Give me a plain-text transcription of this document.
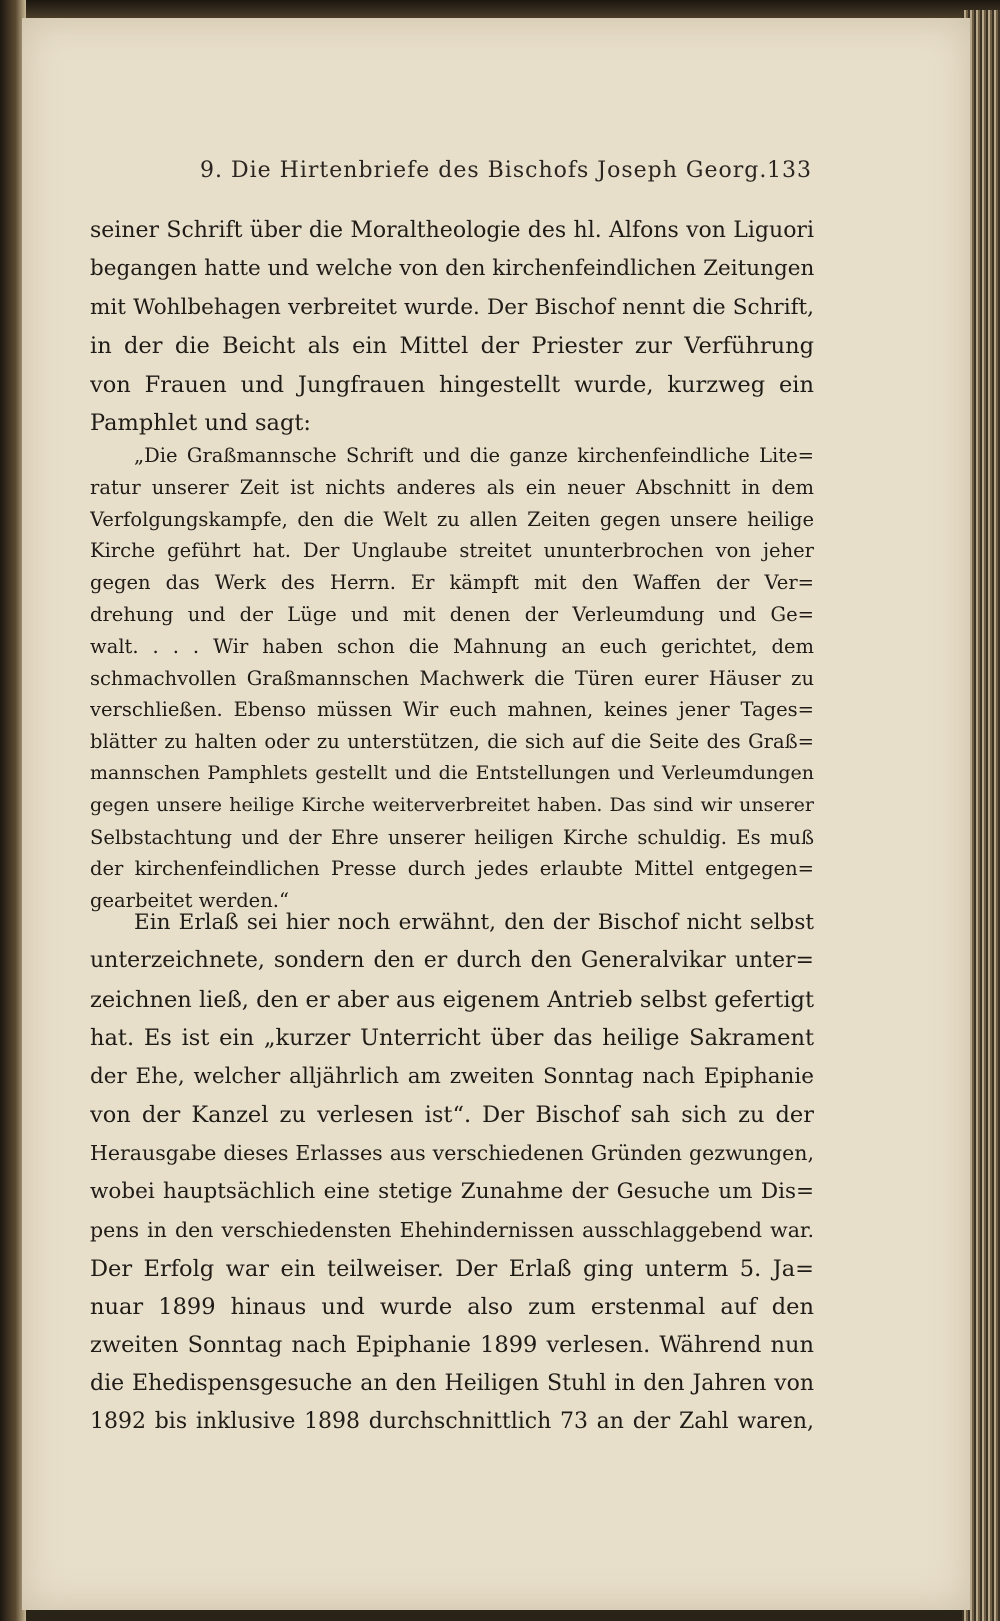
9. Die Hirtenbriefe des Bischofs Joseph Georg. 133
seiner Schrift über die Moraltheologie des hl. Alfons von Liguori
begangen hatte und welche von den kirchenfeindlichen Zeitungen
mit Wohlbehagen verbreitet wurde. Der Bischof nennt die Schrift,
in der die Beicht als ein Mittel der Priester zur Verführung
von Frauen und Jungfrauen hingestellt wurde, kurzweg ein
Pamphlet und sagt:
„Die Graßmannsche Schrift und die ganze kirchenfeindliche Lite=
ratur unserer Zeit ist nichts anderes als ein neuer Abschnitt in dem
Verfolgungskampfe, den die Welt zu allen Zeiten gegen unsere heilige
Kirche geführt hat. Der Unglaube streitet ununterbrochen von jeher
gegen das Werk des Herrn. Er kämpft mit den Waffen der Ver=
drehung und der Lüge und mit denen der Verleumdung und Ge=
walt. . . . Wir haben schon die Mahnung an euch gerichtet, dem
schmachvollen Graßmannschen Machwerk die Türen eurer Häuser zu
verschließen. Ebenso müssen Wir euch mahnen, keines jener Tages=
blätter zu halten oder zu unterstützen, die sich auf die Seite des Graß=
mannschen Pamphlets gestellt und die Entstellungen und Verleumdungen
gegen unsere heilige Kirche weiterverbreitet haben. Das sind wir unserer
Selbstachtung und der Ehre unserer heiligen Kirche schuldig. Es muß
der kirchenfeindlichen Presse durch jedes erlaubte Mittel entgegen=
gearbeitet werden.“
Ein Erlaß sei hier noch erwähnt, den der Bischof nicht selbst
unterzeichnete, sondern den er durch den Generalvikar unter=
zeichnen ließ, den er aber aus eigenem Antrieb selbst gefertigt
hat. Es ist ein „kurzer Unterricht über das heilige Sakrament
der Ehe, welcher alljährlich am zweiten Sonntag nach Epiphanie
von der Kanzel zu verlesen ist“. Der Bischof sah sich zu der
Herausgabe dieses Erlasses aus verschiedenen Gründen gezwungen,
wobei hauptsächlich eine stetige Zunahme der Gesuche um Dis=
pens in den verschiedensten Ehehindernissen ausschlaggebend war.
Der Erfolg war ein teilweiser. Der Erlaß ging unterm 5. Ja=
nuar 1899 hinaus und wurde also zum erstenmal auf den
zweiten Sonntag nach Epiphanie 1899 verlesen. Während nun
die Ehedispensgesuche an den Heiligen Stuhl in den Jahren von
1892 bis inklusive 1898 durchschnittlich 73 an der Zahl waren,
